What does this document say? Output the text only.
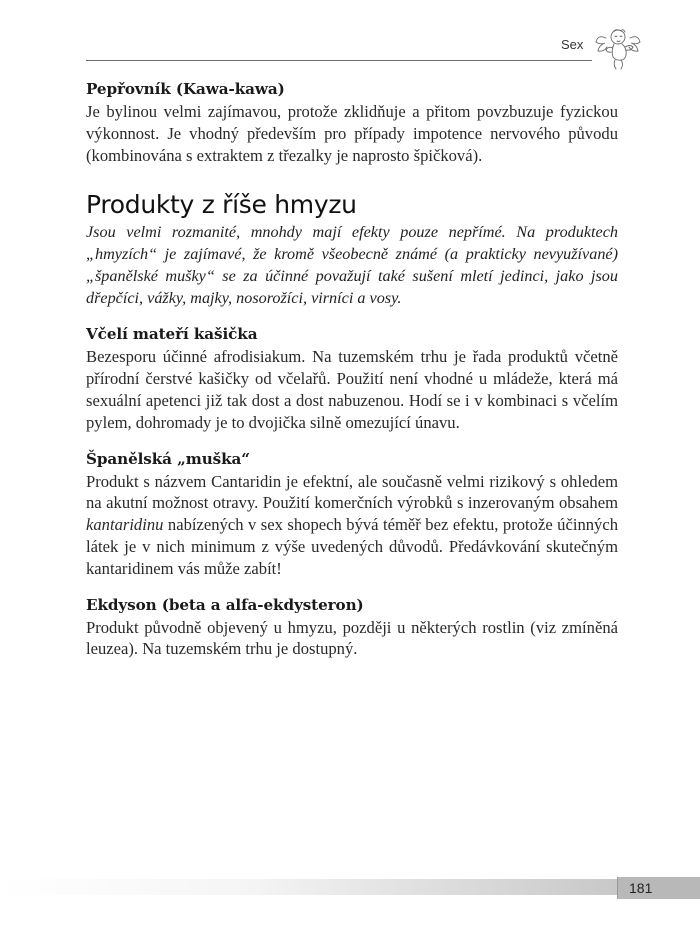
Sex
Pepřovník (Kawa-kawa)

Je bylinou velmi zajímavou, protože zklidňuje a přitom povzbuzuje fyzickou výkonnost. Je vhodný především pro případy impotence nervového původu (kombinována s extraktem z třezalky je naprosto špičková).

Produkty z říše hmyzu

Jsou velmi rozmanité, mnohdy mají efekty pouze nepřímé. Na produktech „hmyzích“ je zajímavé, že kromě všeobecně známé (a prakticky nevyužívané) „španělské mušky“ se za účinné považují také sušení mletí jedinci, jako jsou dřepčíci, vážky, majky, nosorožíci, virníci a vosy.

Včelí mateří kašička

Bezesporu účinné afrodisiakum. Na tuzemském trhu je řada produktů včetně přírodní čerstvé kašičky od včelařů. Použití není vhodné u mládeže, která má sexuální apetenci již tak dost a dost nabuzenou. Hodí se i v kombinaci s včelím pylem, dohromady je to dvojička silně omezující únavu.

Španělská „muška“

Produkt s názvem Cantaridin je efektní, ale současně velmi rizikový s ohledem na akutní možnost otravy. Použití komerčních výrobků s inzerovaným obsahem kantaridinu nabízených v sex shopech bývá téměř bez efektu, protože účinných látek je v nich minimum z výše uvedených důvodů. Předávkování skutečným kantaridinem vás může zabít!

Ekdyson (beta a alfa-ekdysteron)

Produkt původně objevený u hmyzu, později u některých rostlin (viz zmíněná leuzea). Na tuzemském trhu je dostupný.

181
